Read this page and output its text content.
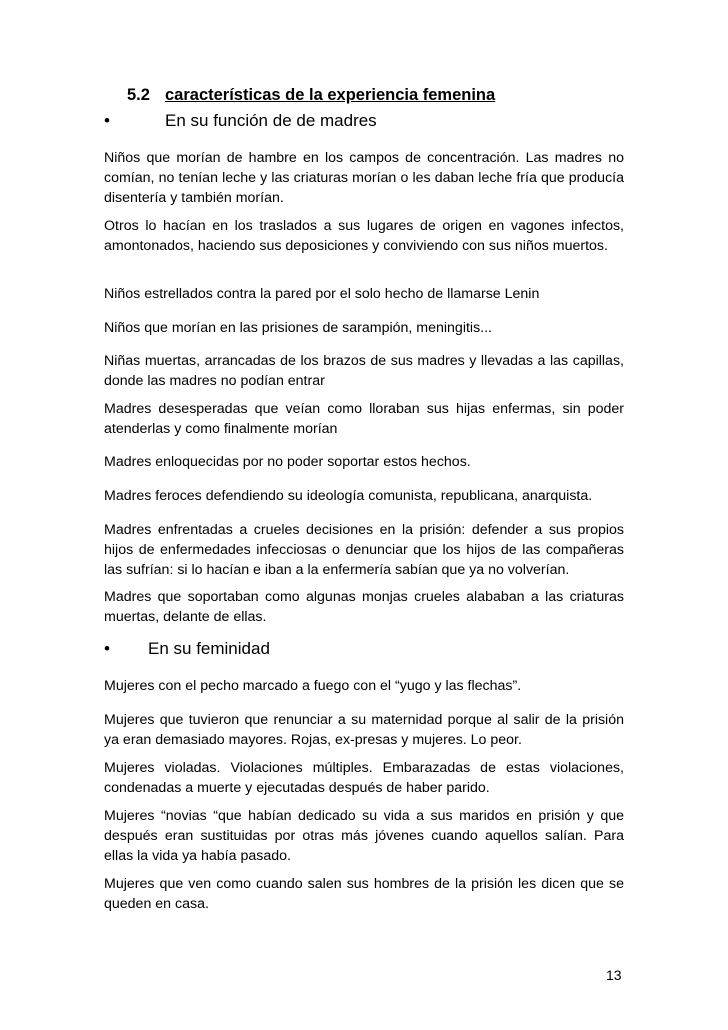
5.2 características de la experiencia femenina
•	En su función de de madres

Niños que morían de hambre en los campos de concentración. Las madres no comían, no tenían leche y las criaturas morían o les daban leche fría que producía disentería y también morían.

Otros lo hacían en los traslados a sus lugares de origen en vagones infectos, amontonados, haciendo sus deposiciones y conviviendo con sus niños muertos.

Niños estrellados contra la pared por el solo hecho de llamarse Lenin

Niños que morían en las prisiones de sarampión, meningitis...

Niñas muertas, arrancadas de los brazos de sus madres y llevadas a las capillas, donde las madres no podían entrar

Madres desesperadas que veían como lloraban sus hijas enfermas, sin poder atenderlas y como finalmente morían

Madres enloquecidas por no poder soportar estos hechos.

Madres feroces defendiendo su ideología comunista, republicana, anarquista.

Madres enfrentadas a crueles decisiones en la prisión: defender a sus propios hijos de enfermedades infecciosas o denunciar que los hijos de las compañeras las sufrían: si lo hacían e iban a la enfermería sabían que ya no volverían.

Madres que soportaban como algunas monjas crueles alababan a las criaturas muertas, delante de ellas.

• En su feminidad

Mujeres con el pecho marcado a fuego con el “yugo y las flechas”.

Mujeres que tuvieron que renunciar a su maternidad porque al salir de la prisión ya eran demasiado mayores. Rojas, ex-presas y mujeres. Lo peor.

Mujeres violadas. Violaciones múltiples. Embarazadas de estas violaciones, condenadas a muerte y ejecutadas después de haber parido.

Mujeres “novias “que habían dedicado su vida a sus maridos en prisión y que después eran sustituidas por otras más jóvenes cuando aquellos salían. Para ellas la vida ya había pasado.

Mujeres que ven como cuando salen sus hombres de la prisión les dicen que se queden en casa.

13
